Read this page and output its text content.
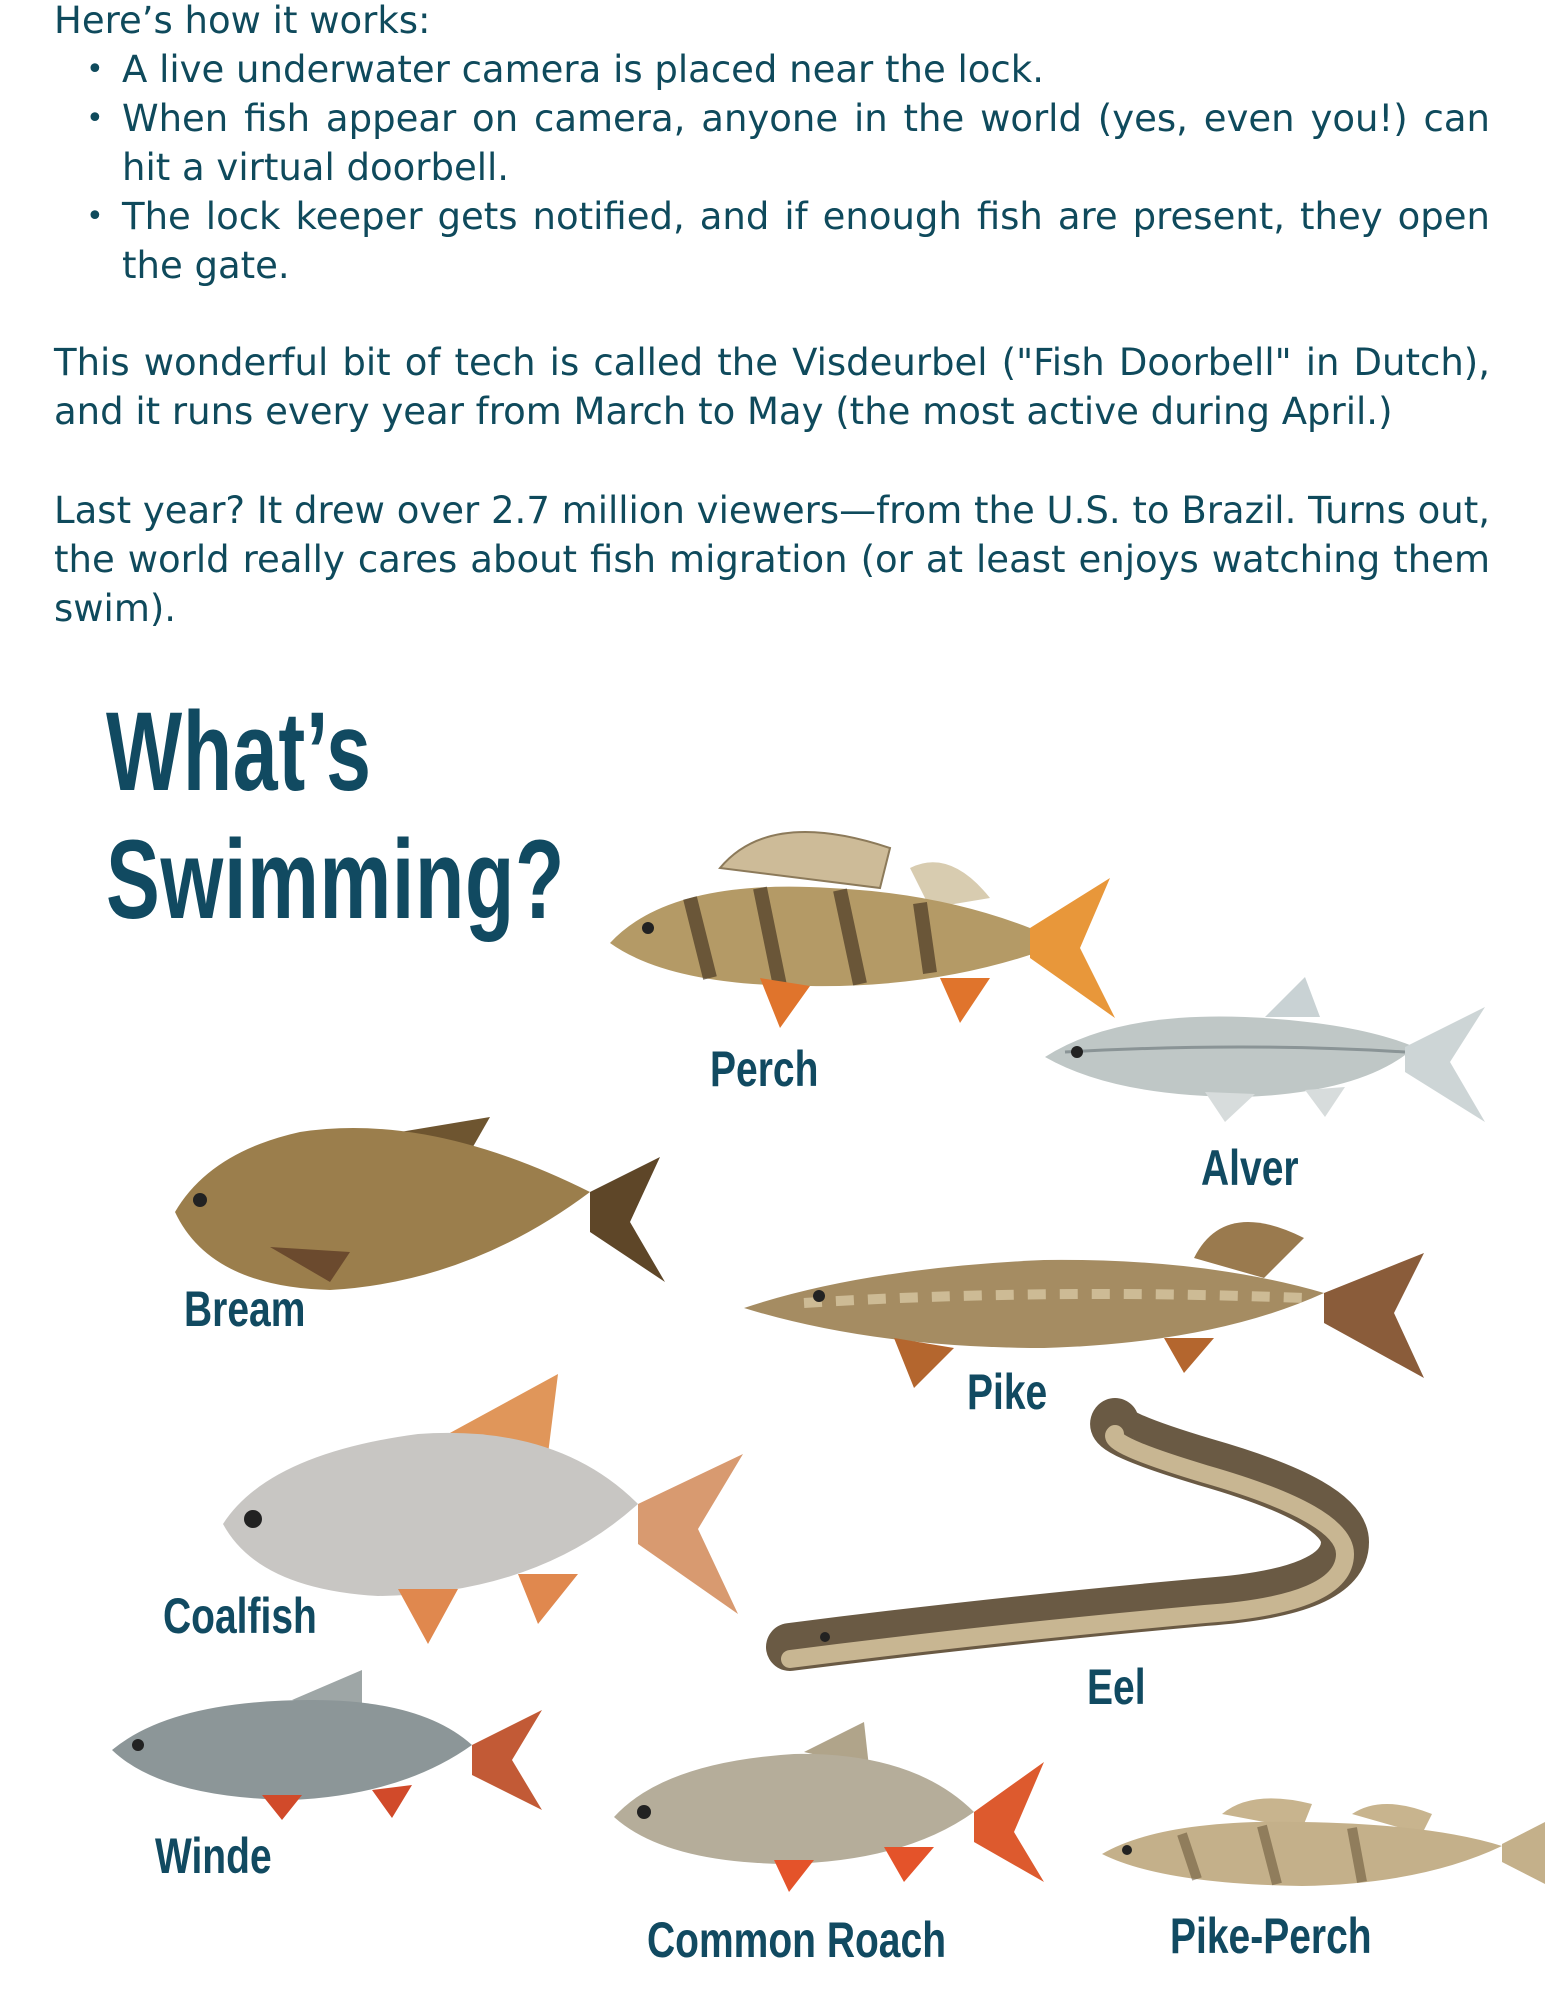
Here’s how it works:
• A live underwater camera is placed near the lock.
• When fish appear on camera, anyone in the world (yes, even you!) can hit a virtual doorbell.
• The lock keeper gets notified, and if enough fish are present, they open the gate.

This wonderful bit of tech is called the Visdeurbel ("Fish Doorbell" in Dutch), and it runs every year from March to May (the most active during April.)

Last year? It drew over 2.7 million viewers—from the U.S. to Brazil. Turns out, the world really cares about fish migration (or at least enjoys watching them swim).

What’s
Swimming?
Perch
Alver
Bream
Pike
Coalfish
Eel
Winde
Common Roach	Pike-Perch
